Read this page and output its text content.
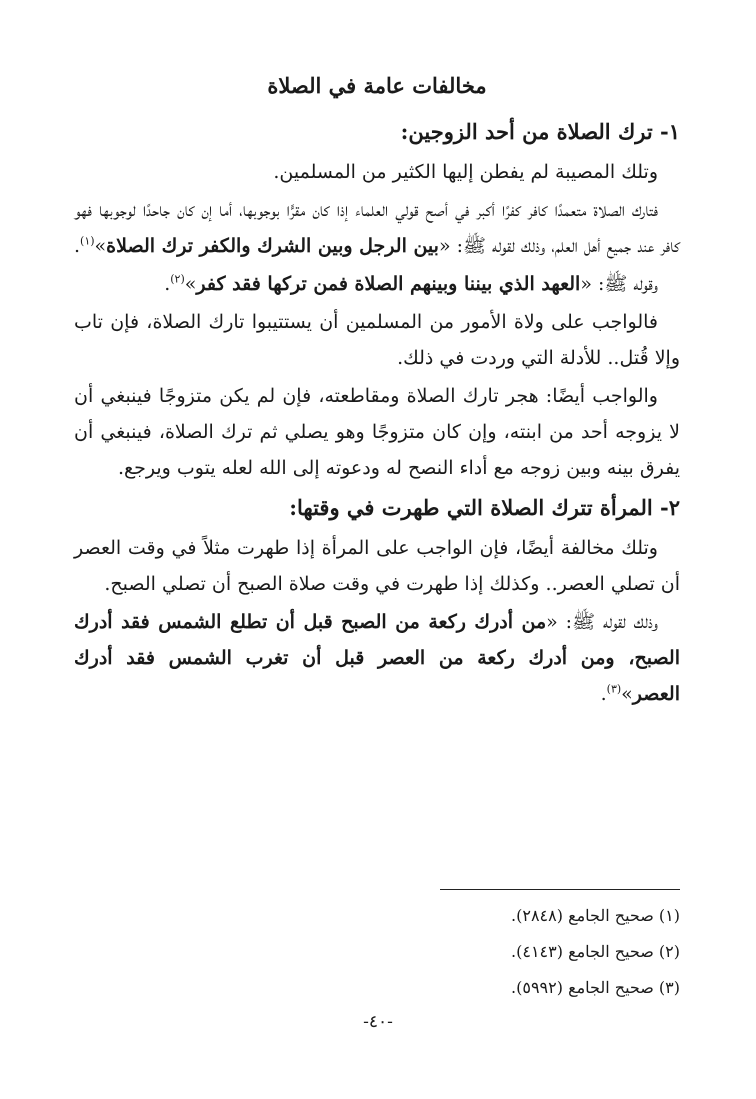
مخالفات عامة في الصلاة
١- ترك الصلاة من أحد الزوجين:

وتلك المصيبة لم يفطن إليها الكثير من المسلمين.

فتارك الصلاة متعمدًا كافر كفرًا أكبر في أصح قولي العلماء إذا كان مقرًّا بوجوبها، أما إن كان جاحدًا لوجوبها فهو كافر عند جميع أهل العلم، وذلك لقوله ﷺ: «بين الرجل وبين الشرك والكفر ترك الصلاة»$^{(١)}$.

وقوله ﷺ: «العهد الذي بيننا وبينهم الصلاة فمن تركها فقد كفر»$^{(٢)}$.

فالواجب على ولاة الأمور من المسلمين أن يستتيبوا تارك الصلاة، فإن تاب وإلا قُتل.. للأدلة التي وردت في ذلك.

والواجب أيضًا: هجر تارك الصلاة ومقاطعته، فإن لم يكن متزوجًا فينبغي أن لا يزوجه أحد من ابنته، وإن كان متزوجًا وهو يصلي ثم ترك الصلاة، فينبغي أن يفرق بينه وبين زوجه مع أداء النصح له ودعوته إلى الله لعله يتوب ويرجع.

٢- المرأة تترك الصلاة التي طهرت في وقتها:

وتلك مخالفة أيضًا، فإن الواجب على المرأة إذا طهرت مثلاً في وقت العصر أن تصلي العصر.. وكذلك إذا طهرت في وقت صلاة الصبح أن تصلي الصبح.

وذلك لقوله ﷺ: «من أدرك ركعة من الصبح قبل أن تطلع الشمس فقد أدرك الصبح، ومن أدرك ركعة من العصر قبل أن تغرب الشمس فقد أدرك العصر»$^{(٣)}$.

(١) صحيح الجامع (٢٨٤٨).

(٢) صحيح الجامع (٤١٤٣).

(٣) صحيح الجامع (٥٩٩٢).

-٤٠-
